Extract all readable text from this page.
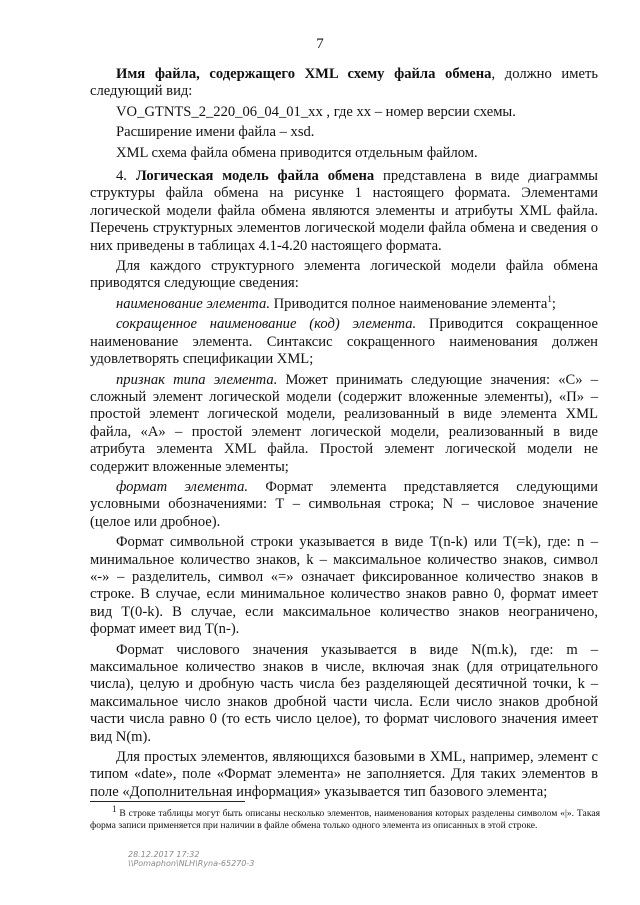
7

Имя файла, содержащего XML схему файла обмена, должно иметь следующий вид:

VO_GTNTS_2_220_06_04_01_xx , где хх – номер версии схемы.

Расширение имени файла – xsd.

XML схема файла обмена приводится отдельным файлом.

4. Логическая модель файла обмена представлена в виде диаграммы структуры файла обмена на рисунке 1 настоящего формата. Элементами логической модели файла обмена являются элементы и атрибуты XML файла. Перечень структурных элементов логической модели файла обмена и сведения о них приведены в таблицах 4.1-4.20 настоящего формата.

Для каждого структурного элемента логической модели файла обмена приводятся следующие сведения:

наименование элемента. Приводится полное наименование элемента$^1$;

сокращенное наименование (код) элемента. Приводится сокращенное наименование элемента. Синтаксис сокращенного наименования должен удовлетворять спецификации XML;

признак типа элемента. Может принимать следующие значения: «С» – сложный элемент логической модели (содержит вложенные элементы), «П» – простой элемент логической модели, реализованный в виде элемента XML файла, «А» – простой элемент логической модели, реализованный в виде атрибута элемента XML файла. Простой элемент логической модели не содержит вложенные элементы;

формат элемента. Формат элемента представляется следующими условными обозначениями: Т – символьная строка; N – числовое значение (целое или дробное).

Формат символьной строки указывается в виде Т(n-k) или T(=k), где: n – минимальное количество знаков, k – максимальное количество знаков, символ «-» – разделитель, символ «=» означает фиксированное количество знаков в строке. В случае, если минимальное количество знаков равно 0, формат имеет вид Т(0-k). В случае, если максимальное количество знаков неограничено, формат имеет вид Т(n-).

Формат числового значения указывается в виде N(m.k), где: m – максимальное количество знаков в числе, включая знак (для отрицательного числа), целую и дробную часть числа без разделяющей десятичной точки, k – максимальное число знаков дробной части числа. Если число знаков дробной части числа равно 0 (то есть число целое), то формат числового значения имеет вид N(m).

Для простых элементов, являющихся базовыми в XML, например, элемент с типом «date», поле «Формат элемента» не заполняется. Для таких элементов в поле «Дополнительная информация» указывается тип базового элемента;

$^1$ В строке таблицы могут быть описаны несколько элементов, наименования которых разделены символом «|». Такая форма записи применяется при наличии в файле обмена только одного элемента из описанных в этой строке.
28.12.2017 17:32
\\Pomaphon\NLH\Ryna-65270-3
